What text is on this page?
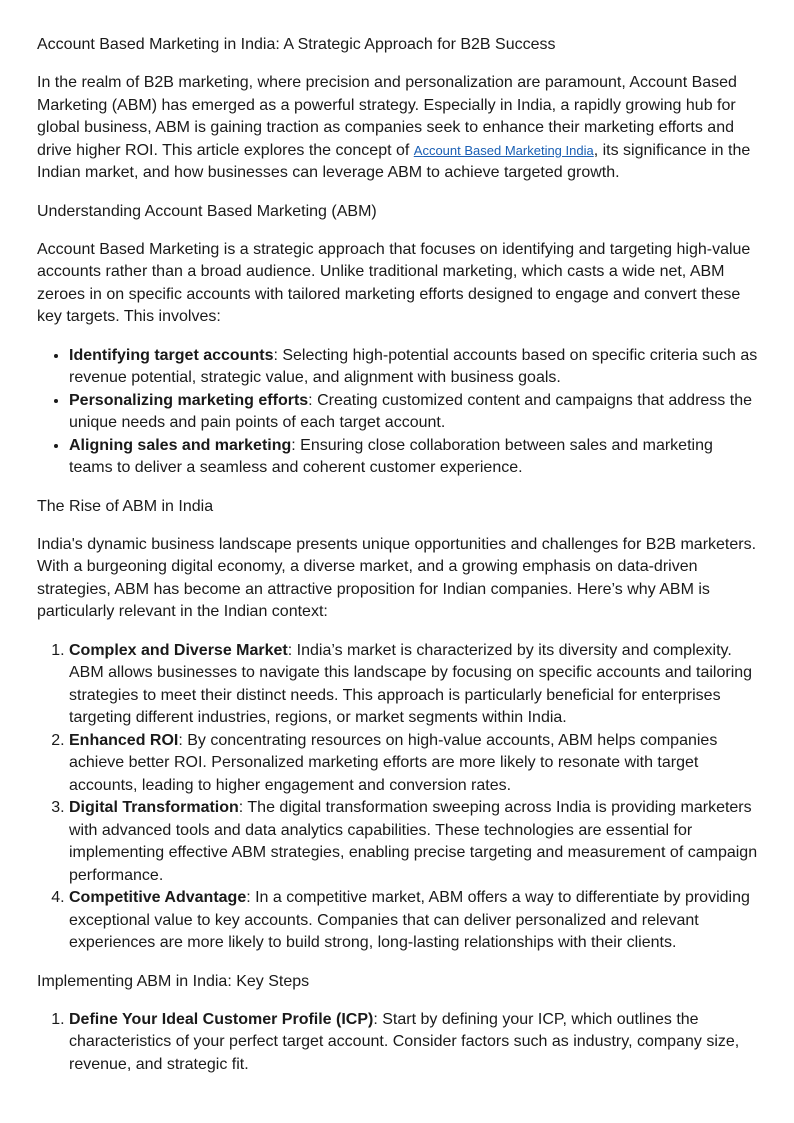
Account Based Marketing in India: A Strategic Approach for B2B Success

In the realm of B2B marketing, where precision and personalization are paramount, Account Based Marketing (ABM) has emerged as a powerful strategy. Especially in India, a rapidly growing hub for global business, ABM is gaining traction as companies seek to enhance their marketing efforts and drive higher ROI. This article explores the concept of Account Based Marketing India, its significance in the Indian market, and how businesses can leverage ABM to achieve targeted growth.

Understanding Account Based Marketing (ABM)

Account Based Marketing is a strategic approach that focuses on identifying and targeting high-value accounts rather than a broad audience. Unlike traditional marketing, which casts a wide net, ABM zeroes in on specific accounts with tailored marketing efforts designed to engage and convert these key targets. This involves:

• Identifying target accounts: Selecting high-potential accounts based on specific criteria such as revenue potential, strategic value, and alignment with business goals.
• Personalizing marketing efforts: Creating customized content and campaigns that address the unique needs and pain points of each target account.
• Aligning sales and marketing: Ensuring close collaboration between sales and marketing teams to deliver a seamless and coherent customer experience.

The Rise of ABM in India

India's dynamic business landscape presents unique opportunities and challenges for B2B marketers. With a burgeoning digital economy, a diverse market, and a growing emphasis on data-driven strategies, ABM has become an attractive proposition for Indian companies. Here’s why ABM is particularly relevant in the Indian context:

1. Complex and Diverse Market: India’s market is characterized by its diversity and complexity. ABM allows businesses to navigate this landscape by focusing on specific accounts and tailoring strategies to meet their distinct needs. This approach is particularly beneficial for enterprises targeting different industries, regions, or market segments within India.
2. Enhanced ROI: By concentrating resources on high-value accounts, ABM helps companies achieve better ROI. Personalized marketing efforts are more likely to resonate with target accounts, leading to higher engagement and conversion rates.
3. Digital Transformation: The digital transformation sweeping across India is providing marketers with advanced tools and data analytics capabilities. These technologies are essential for implementing effective ABM strategies, enabling precise targeting and measurement of campaign performance.
4. Competitive Advantage: In a competitive market, ABM offers a way to differentiate by providing exceptional value to key accounts. Companies that can deliver personalized and relevant experiences are more likely to build strong, long-lasting relationships with their clients.

Implementing ABM in India: Key Steps

1. Define Your Ideal Customer Profile (ICP): Start by defining your ICP, which outlines the characteristics of your perfect target account. Consider factors such as industry, company size, revenue, and strategic fit.
